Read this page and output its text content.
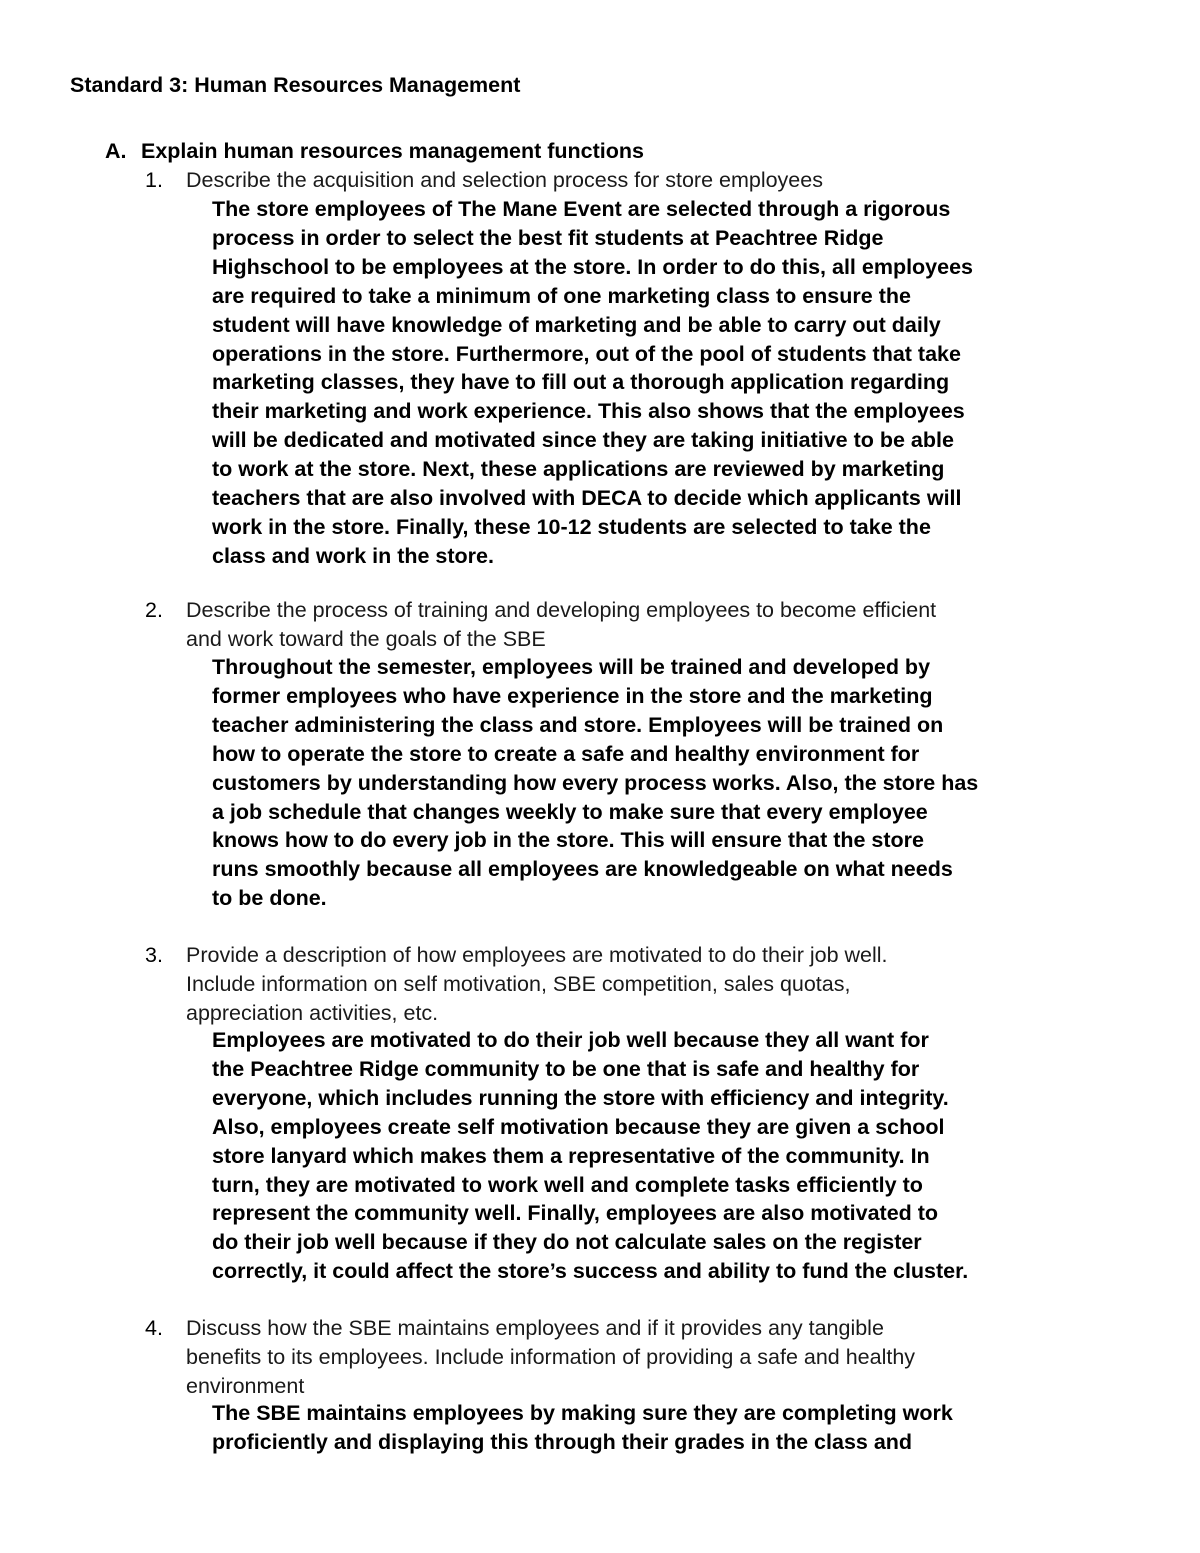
Standard 3: Human Resources Management
A. Explain human resources management functions
1.	Describe the acquisition and selection process for store employees
The store employees of The Mane Event are selected through a rigorous
process in order to select the best fit students at Peachtree Ridge
Highschool to be employees at the store. In order to do this, all employees
are required to take a minimum of one marketing class to ensure the
student will have knowledge of marketing and be able to carry out daily
operations in the store. Furthermore, out of the pool of students that take
marketing classes, they have to fill out a thorough application regarding
their marketing and work experience. This also shows that the employees
will be dedicated and motivated since they are taking initiative to be able
to work at the store. Next, these applications are reviewed by marketing
teachers that are also involved with DECA to decide which applicants will
work in the store. Finally, these 10-12 students are selected to take the
class and work in the store.
2.	Describe the process of training and developing employees to become efficient
and work toward the goals of the SBE
Throughout the semester, employees will be trained and developed by
former employees who have experience in the store and the marketing
teacher administering the class and store. Employees will be trained on
how to operate the store to create a safe and healthy environment for
customers by understanding how every process works. Also, the store has
a job schedule that changes weekly to make sure that every employee
knows how to do every job in the store. This will ensure that the store
runs smoothly because all employees are knowledgeable on what needs
to be done.
3.	Provide a description of how employees are motivated to do their job well.
Include information on self motivation, SBE competition, sales quotas,
appreciation activities, etc.
Employees are motivated to do their job well because they all want for
the Peachtree Ridge community to be one that is safe and healthy for
everyone, which includes running the store with efficiency and integrity.
Also, employees create self motivation because they are given a school
store lanyard which makes them a representative of the community. In
turn, they are motivated to work well and complete tasks efficiently to
represent the community well. Finally, employees are also motivated to
do their job well because if they do not calculate sales on the register
correctly, it could affect the store’s success and ability to fund the cluster.
4.	Discuss how the SBE maintains employees and if it provides any tangible
benefits to its employees. Include information of providing a safe and healthy
environment
The SBE maintains employees by making sure they are completing work
proficiently and displaying this through their grades in the class and
